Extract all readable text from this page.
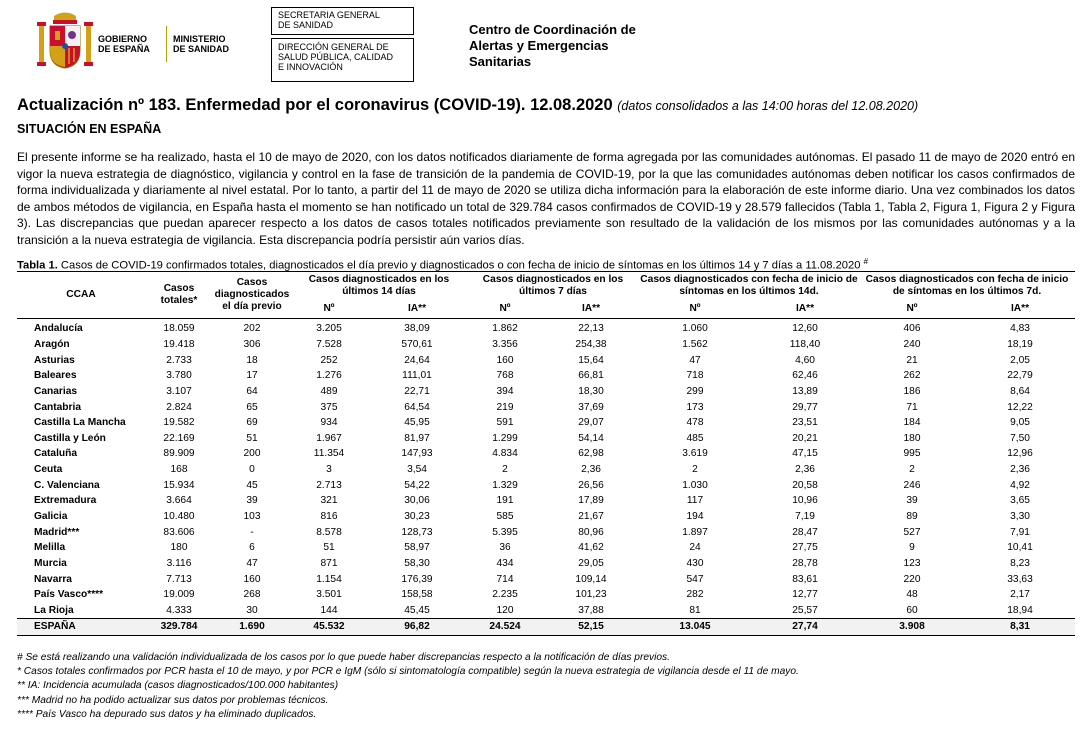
GOBIERNO
DE ESPAÑA
MINISTERIO
DE SANIDAD
SECRETARIA GENERAL
DE SANIDAD
DIRECCIÓN GENERAL DE
SALUD PÚBLICA, CALIDAD
E INNOVACIÓN
Centro de Coordinación de
Alertas y Emergencias
Sanitarias
Actualización nº 183. Enfermedad por el coronavirus (COVID-19). 12.08.2020 (datos consolidados a las 14:00 horas del 12.08.2020)
SITUACIÓN EN ESPAÑA
El presente informe se ha realizado, hasta el 10 de mayo de 2020, con los datos notificados diariamente de forma agregada por las comunidades autónomas. El pasado 11 de mayo de 2020 entró en vigor la nueva estrategia de diagnóstico, vigilancia y control en la fase de transición de la pandemia de COVID-19, por la que las comunidades autónomas deben notificar los casos confirmados de forma individualizada y diariamente al nivel estatal. Por lo tanto, a partir del 11 de mayo de 2020 se utiliza dicha información para la elaboración de este informe diario. Una vez combinados los datos de ambos métodos de vigilancia, en España hasta el momento se han notificado un total de 329.784 casos confirmados de COVID-19 y 28.579 fallecidos (Tabla 1, Tabla 2, Figura 1, Figura 2 y Figura 3). Las discrepancias que puedan aparecer respecto a los datos de casos totales notificados previamente son resultado de la validación de los mismos por las comunidades autónomas y a la transición a la nueva estrategia de vigilancia. Esta discrepancia podría persistir aún varios días.
Tabla 1. Casos de COVID-19 confirmados totales, diagnosticados el día previo y diagnosticados o con fecha de inicio de síntomas en los últimos 14 y 7 días a 11.08.2020 #
CCAA	Casos totales*	Casos diagnosticados el día previo	Casos diagnosticados en los últimos 14 días		Casos diagnosticados en los últimos 7 días		Casos diagnosticados con fecha de inicio de síntomas en los últimos 14d.		Casos diagnosticados con fecha de inicio de síntomas en los últimos 7d.	
			Nº	IA**	Nº	IA**	Nº	IA**	Nº	IA**
Andalucía	18.059	202	3.205	38,09	1.862	22,13	1.060	12,60	406	4,83
Aragón	19.418	306	7.528	570,61	3.356	254,38	1.562	118,40	240	18,19
Asturias	2.733	18	252	24,64	160	15,64	47	4,60	21	2,05
Baleares	3.780	17	1.276	111,01	768	66,81	718	62,46	262	22,79
Canarias	3.107	64	489	22,71	394	18,30	299	13,89	186	8,64
Cantabria	2.824	65	375	64,54	219	37,69	173	29,77	71	12,22
Castilla La Mancha	19.582	69	934	45,95	591	29,07	478	23,51	184	9,05
Castilla y León	22.169	51	1.967	81,97	1.299	54,14	485	20,21	180	7,50
Cataluña	89.909	200	11.354	147,93	4.834	62,98	3.619	47,15	995	12,96
Ceuta	168	0	3	3,54	2	2,36	2	2,36	2	2,36
C. Valenciana	15.934	45	2.713	54,22	1.329	26,56	1.030	20,58	246	4,92
Extremadura	3.664	39	321	30,06	191	17,89	117	10,96	39	3,65
Galicia	10.480	103	816	30,23	585	21,67	194	7,19	89	3,30
Madrid***	83.606	-	8.578	128,73	5.395	80,96	1.897	28,47	527	7,91
Melilla	180	6	51	58,97	36	41,62	24	27,75	9	10,41
Murcia	3.116	47	871	58,30	434	29,05	430	28,78	123	8,23
Navarra	7.713	160	1.154	176,39	714	109,14	547	83,61	220	33,63
País Vasco****	19.009	268	3.501	158,58	2.235	101,23	282	12,77	48	2,17
La Rioja	4.333	30	144	45,45	120	37,88	81	25,57	60	18,94
ESPAÑA	329.784	1.690	45.532	96,82	24.524	52,15	13.045	27,74	3.908	8,31
# Se está realizando una validación individualizada de los casos por lo que puede haber discrepancias respecto a la notificación de días previos.
* Casos totales confirmados por PCR hasta el 10 de mayo, y por PCR e IgM (sólo si sintomatología compatible) según la nueva estrategia de vigilancia desde el 11 de mayo.
** IA: Incidencia acumulada (casos diagnosticados/100.000 habitantes)
*** Madrid no ha podido actualizar sus datos por problemas técnicos.
**** País Vasco ha depurado sus datos y ha eliminado duplicados.
